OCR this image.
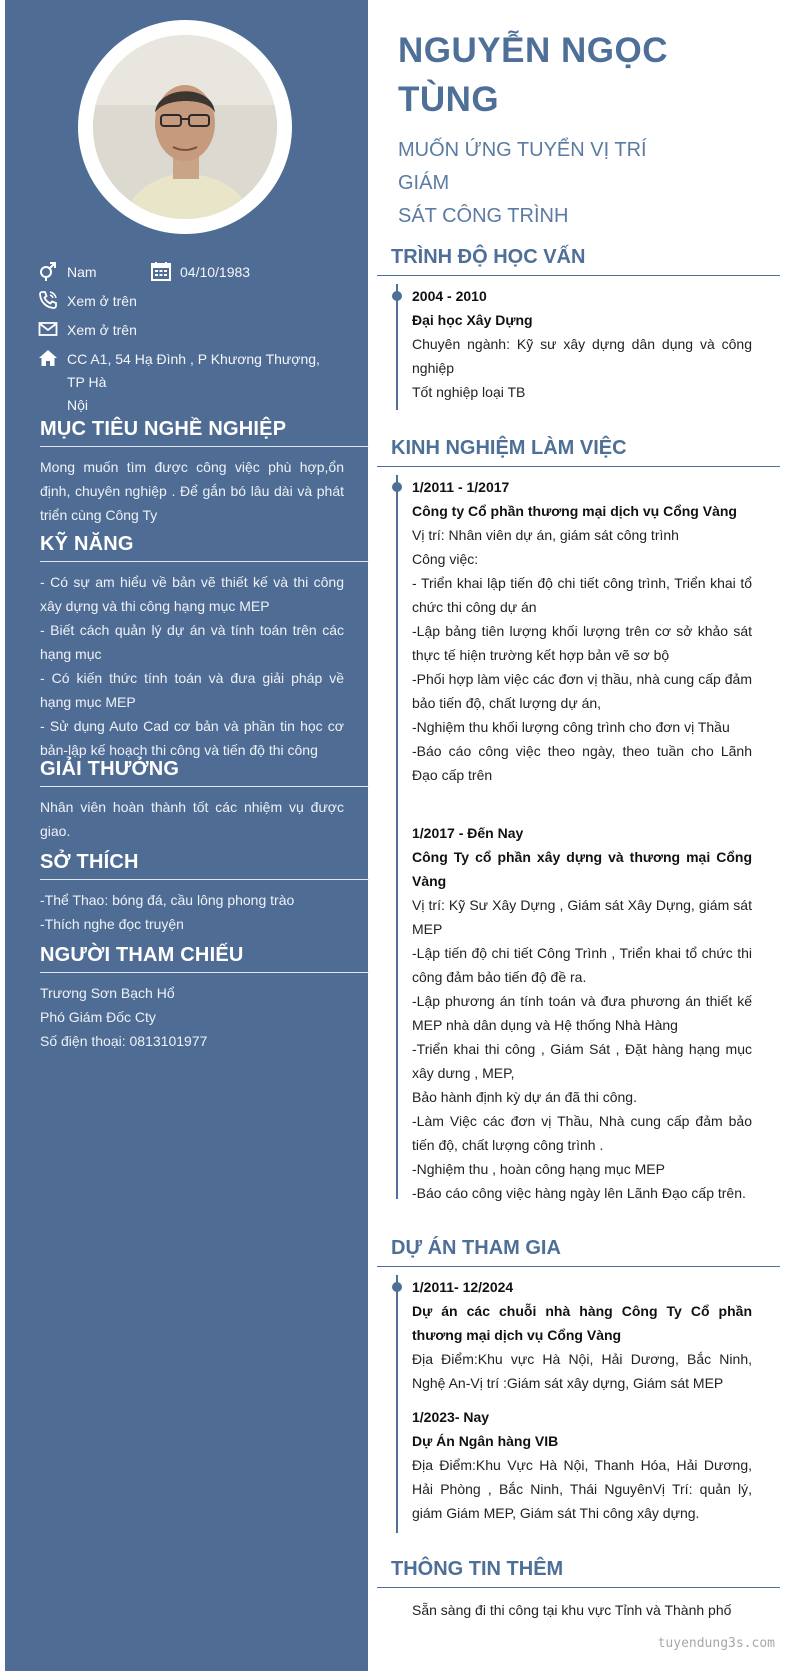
Nam	04/10/1983
Xem ở trên
Xem ở trên
CC A1, 54 Hạ Đình , P Khương Thượng, TP Hà
Nội
MỤC TIÊU NGHỀ NGHIỆP
Mong muốn tìm được công việc phù hợp,ổn định, chuyên nghiệp . Để gắn bó lâu dài và phát triển cùng Công Ty
KỸ NĂNG
- Có sự am hiểu về bản vẽ thiết kế và thi công xây dựng và thi công hạng mục MEP
- Biết cách quản lý dự án và tính toán trên các hạng mục
- Có kiến thức tính toán và đưa giải pháp về hạng mục MEP
- Sử dụng Auto Cad cơ bản và phần tin học cơ bản-lập kế hoạch thi công và tiến độ thi công
GIẢI THƯỞNG
Nhân viên hoàn thành tốt các nhiệm vụ được giao.
SỞ THÍCH
-Thể Thao: bóng đá, cầu lông phong trào
-Thích nghe đọc truyện
NGƯỜI THAM CHIẾU
Trương Sơn Bạch Hổ
Phó Giám Đốc Cty
Số điện thoại: 0813101977
NGUYỄN NGỌC
TÙNG
MUỐN ỨNG TUYỂN VỊ TRÍ GIÁM
SÁT CÔNG TRÌNH
TRÌNH ĐỘ HỌC VẤN
2004 - 2010
Đại học Xây Dựng
Chuyên ngành: Kỹ sư xây dựng dân dụng và công nghiệp
Tốt nghiệp loại TB
KINH NGHIỆM LÀM VIỆC
1/2011 - 1/2017
Công ty Cổ phần thương mại dịch vụ Cổng Vàng
Vị trí: Nhân viên dự án, giám sát công trình
Công việc:
- Triển khai lập tiến độ chi tiết công trình, Triển khai tổ chức thi công dự án
-Lập bảng tiên lượng khối lượng trên cơ sở khảo sát thực tế hiện trường kết hợp bản vẽ sơ bộ
-Phối hợp làm việc các đơn vị thầu, nhà cung cấp đảm bảo tiến độ, chất lượng dự án,
-Nghiệm thu khối lượng công trình cho đơn vị Thầu
-Báo cáo công việc theo ngày, theo tuần cho Lãnh Đạo cấp trên
1/2017 - Đến Nay
Công Ty cổ phần xây dựng và thương mại Cổng Vàng
Vị trí: Kỹ Sư Xây Dựng , Giám sát Xây Dựng, giám sát MEP
-Lập tiến độ chi tiết Công Trình , Triển khai tổ chức thi công đảm bảo tiến độ đề ra.
-Lập phương án tính toán và đưa phương án thiết kế MEP nhà dân dụng và Hệ thống Nhà Hàng
-Triển khai thi công , Giám Sát , Đặt hàng hạng mục xây dưng , MEP,
Bảo hành định kỳ dự án đã thi công.
-Làm Việc các đơn vị Thầu, Nhà cung cấp đảm bảo tiến độ, chất lượng công trình .
-Nghiệm thu , hoàn công hạng mục MEP
-Báo cáo công việc hàng ngày lên Lãnh Đạo cấp trên.
DỰ ÁN THAM GIA
1/2011- 12/2024
Dự án các chuỗi nhà hàng Công Ty Cổ phần thương mại dịch vụ Cổng Vàng
Địa Điểm:Khu vực Hà Nội, Hải Dương, Bắc Ninh, Nghệ An-Vị trí :Giám sát xây dựng, Giám sát MEP
1/2023- Nay
Dự Án Ngân hàng VIB
Địa Điểm:Khu Vực Hà Nội, Thanh Hóa, Hải Dương, Hải Phòng , Bắc Ninh, Thái NguyênVị Trí: quản lý, giám Giám MEP, Giám sát Thi công xây dựng.
THÔNG TIN THÊM
Sẵn sàng đi thi công tại khu vực Tỉnh và Thành phố
tuyendung3s.com
